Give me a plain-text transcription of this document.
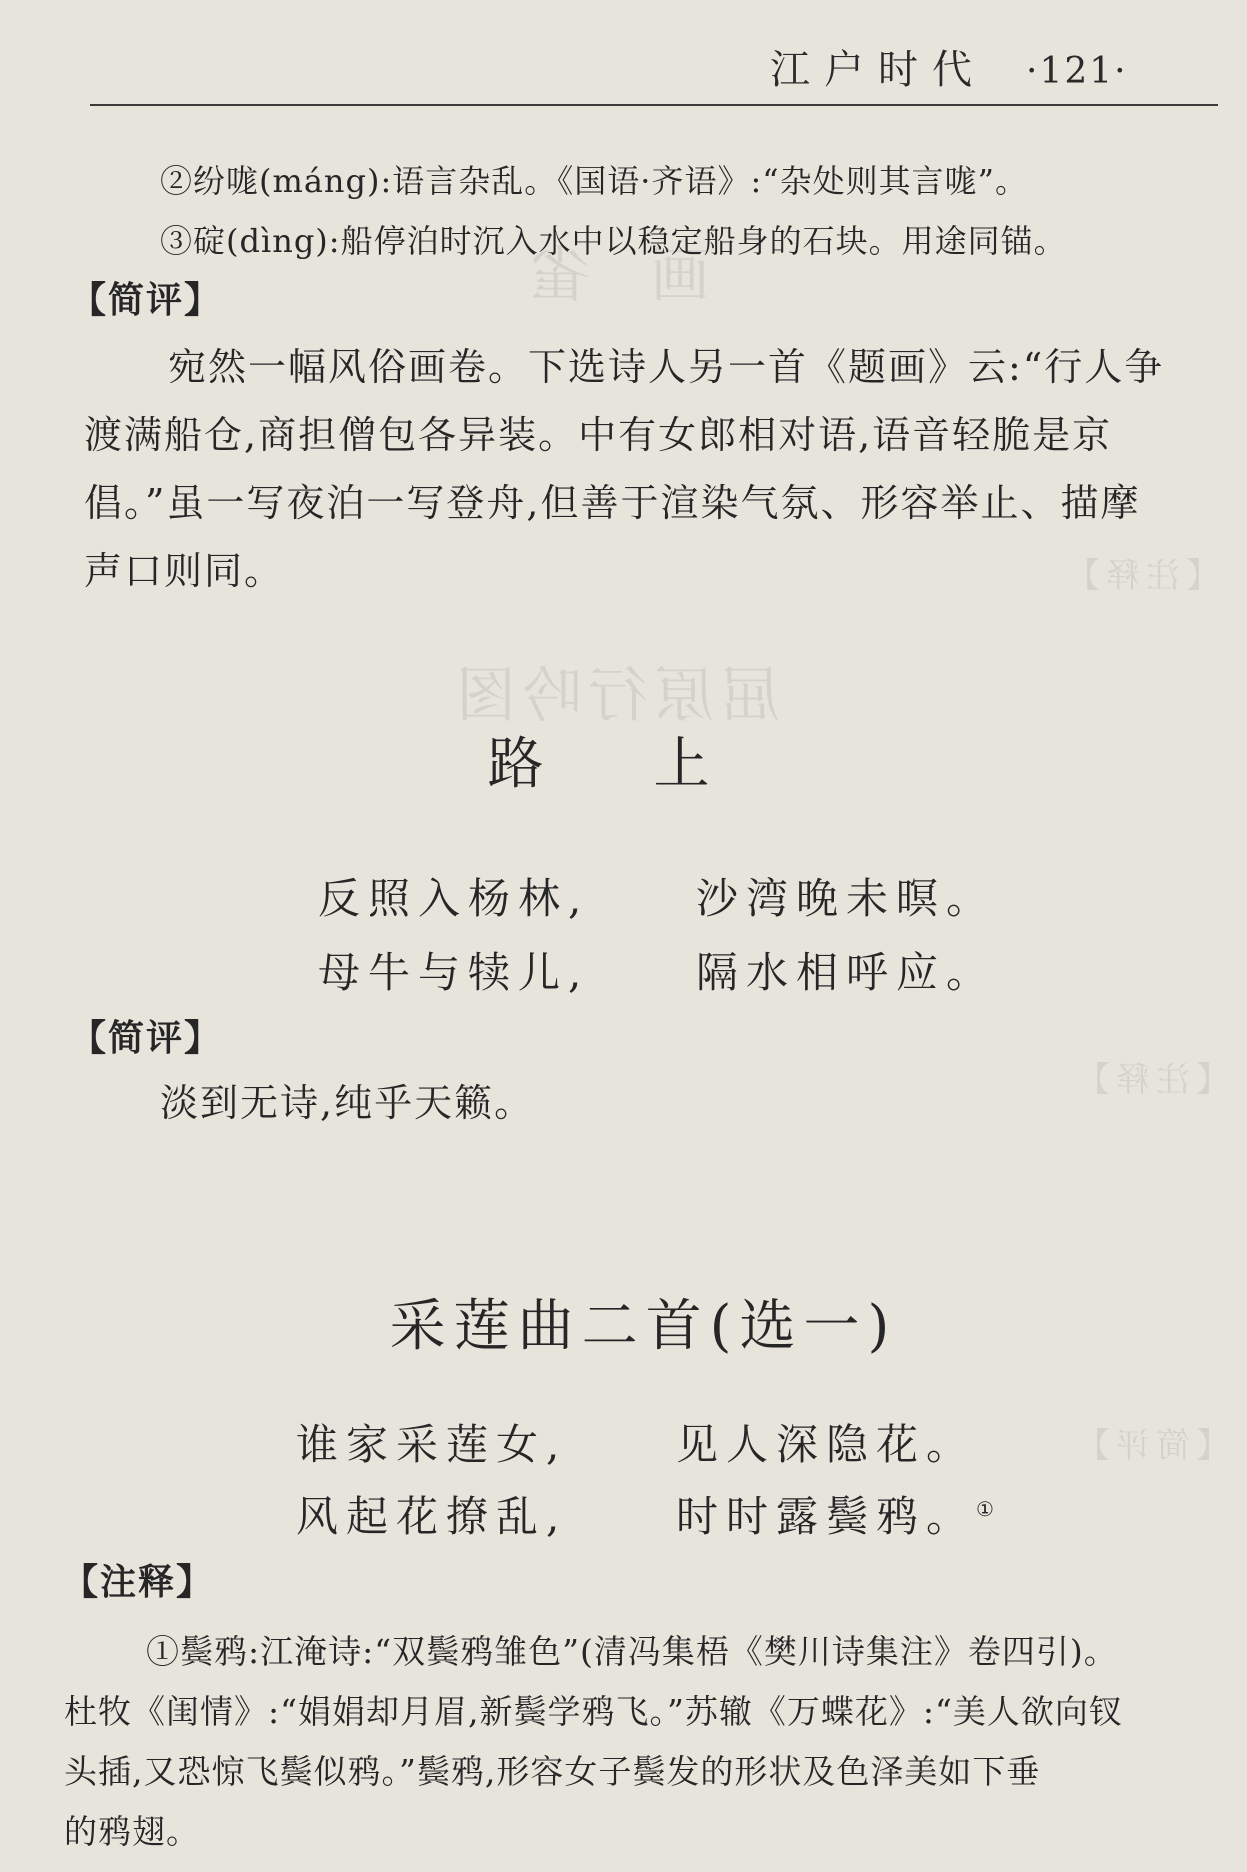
画雀
屈原行吟图
【注释】
【注释】
【简评】
江户时代 ·121·
②纷哤(máng):语言杂乱。《国语·齐语》:“杂处则其言哤”。
③碇(dìng):船停泊时沉入水中以稳定船身的石块。用途同锚。
【简评】
宛然一幅风俗画卷。下选诗人另一首《题画》云:“行人争
渡满船仓,商担僧包各异装。中有女郎相对语,语音轻脆是京
倡。”虽一写夜泊一写登舟,但善于渲染气氛、形容举止、描摩
声口则同。
路上
反照入杨林,	沙湾晚未暝。
母牛与犊儿,	隔水相呼应。
【简评】
淡到无诗,纯乎天籁。
采莲曲二首(选一)
谁家采莲女,	见人深隐花。
风起花撩乱,	时时露鬓鸦。①
【注释】
①鬓鸦:江淹诗:“双鬓鸦雏色”(清冯集梧《樊川诗集注》卷四引)。
杜牧《闺情》:“娟娟却月眉,新鬓学鸦飞。”苏辙《万蝶花》:“美人欲向钗
头插,又恐惊飞鬓似鸦。”鬓鸦,形容女子鬓发的形状及色泽美如下垂
的鸦翅。
